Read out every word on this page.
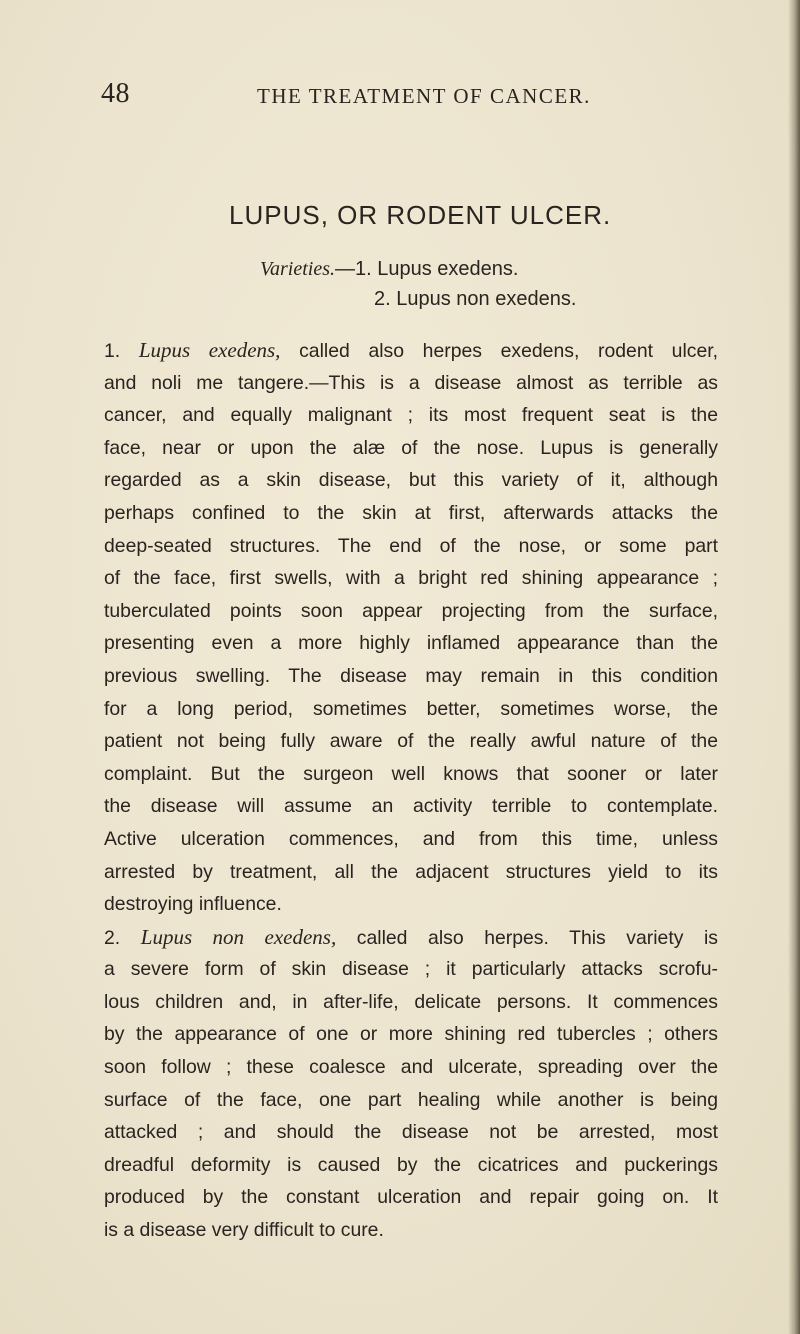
48	THE TREATMENT OF CANCER.
LUPUS, OR RODENT ULCER.
Varieties.—1. Lupus exedens.
2. Lupus non exedens.
1. Lupus exedens, called also herpes exedens, rodent ulcer,
and noli me tangere.—This is a disease almost as terrible as
cancer, and equally malignant ; its most frequent seat is the
face, near or upon the alæ of the nose. Lupus is generally
regarded as a skin disease, but this variety of it, although
perhaps confined to the skin at first, afterwards attacks the
deep-seated structures. The end of the nose, or some part
of the face, first swells, with a bright red shining appearance ;
tuberculated points soon appear projecting from the surface,
presenting even a more highly inflamed appearance than the
previous swelling. The disease may remain in this condition
for a long period, sometimes better, sometimes worse, the
patient not being fully aware of the really awful nature of the
complaint. But the surgeon well knows that sooner or later
the disease will assume an activity terrible to contemplate.
Active ulceration commences, and from this time, unless
arrested by treatment, all the adjacent structures yield to its
destroying influence.
2. Lupus non exedens, called also herpes. This variety is
a severe form of skin disease ; it particularly attacks scrofu-
lous children and, in after-life, delicate persons. It commences
by the appearance of one or more shining red tubercles ; others
soon follow ; these coalesce and ulcerate, spreading over the
surface of the face, one part healing while another is being
attacked ; and should the disease not be arrested, most
dreadful deformity is caused by the cicatrices and puckerings
produced by the constant ulceration and repair going on. It
is a disease very difficult to cure.
